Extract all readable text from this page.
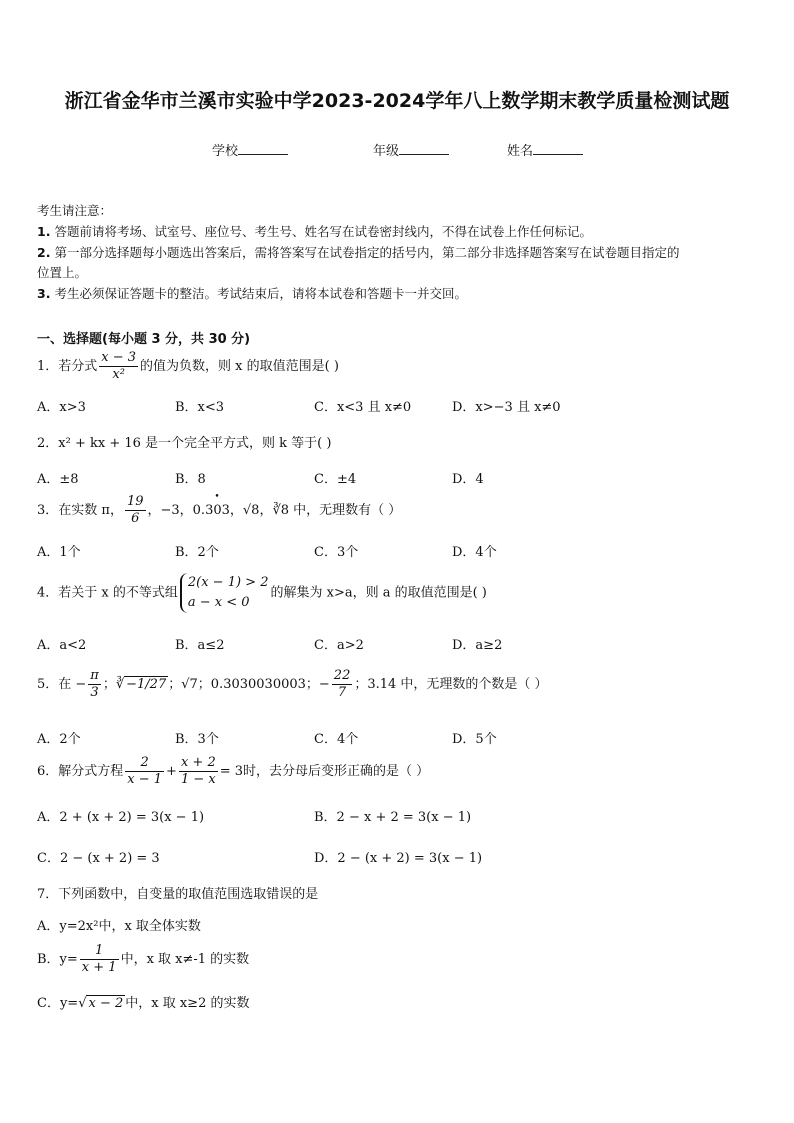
浙江省金华市兰溪市实验中学2023-2024学年八上数学期末教学质量检测试题
学校	年级	姓名
考生请注意：
1. 答题前请将考场、试室号、座位号、考生号、姓名写在试卷密封线内，不得在试卷上作任何标记。
2. 第一部分选择题每小题选出答案后，需将答案写在试卷指定的括号内，第二部分非选择题答案写在试卷题目指定的
位置上。
3. 考生必须保证答题卡的整洁。考试结束后，请将本试卷和答题卡一并交回。
一、选择题(每小题 3 分，共 30 分)
1．若分式 $\frac{x - 3}{\text{x²}}$ 的值为负数，则 x 的取值范围是( )
A．x>3	B．x<3	C．x<3 且 x≠0	D．x>−3 且 x≠0
2．x² + kx + 16 是一个完全平方式，则 k 等于( )
A．±8	B．8	C．±4	D．4
3．在实数 π， $\frac{19}{6}$ ，−3，0.3• 03，√8，∛8 中，无理数有（ ）
A．1个	B．2个	C．3个	D．4个
4．若关于 x 的不等式组
2(x − 1) > 2
a − x < 0
的解集为 x>a，则 a 的取值范围是( )
A．a<2	B．a≤2	C．a>2	D．a≥2
5．在 − $\frac{\pi}{3}$ ；∛ −1/27 ；√7；0.3030030003；− $\frac{22}{7}$ ；3.14 中，无理数的个数是（ ）
A．2个	B．3个	C．4个	D．5个
6．解分式方程 $\frac{2}{x - 1} + \frac{x + 2}{1 - x} = 3$时，去分母后变形正确的是（ ）
A．2 + (x + 2) = 3(x − 1)	B．2 − x + 2 = 3(x − 1)
C．2 − (x + 2) = 3	D．2 − (x + 2) = 3(x − 1)
7．下列函数中，自变量的取值范围选取错误的是
A．y=2x²中，x 取全体实数
B．$y= \frac{1}{x + 1}$ 中，x 取 x≠-1 的实数
C．y=√ x − 2 中，x 取 x≥2 的实数
